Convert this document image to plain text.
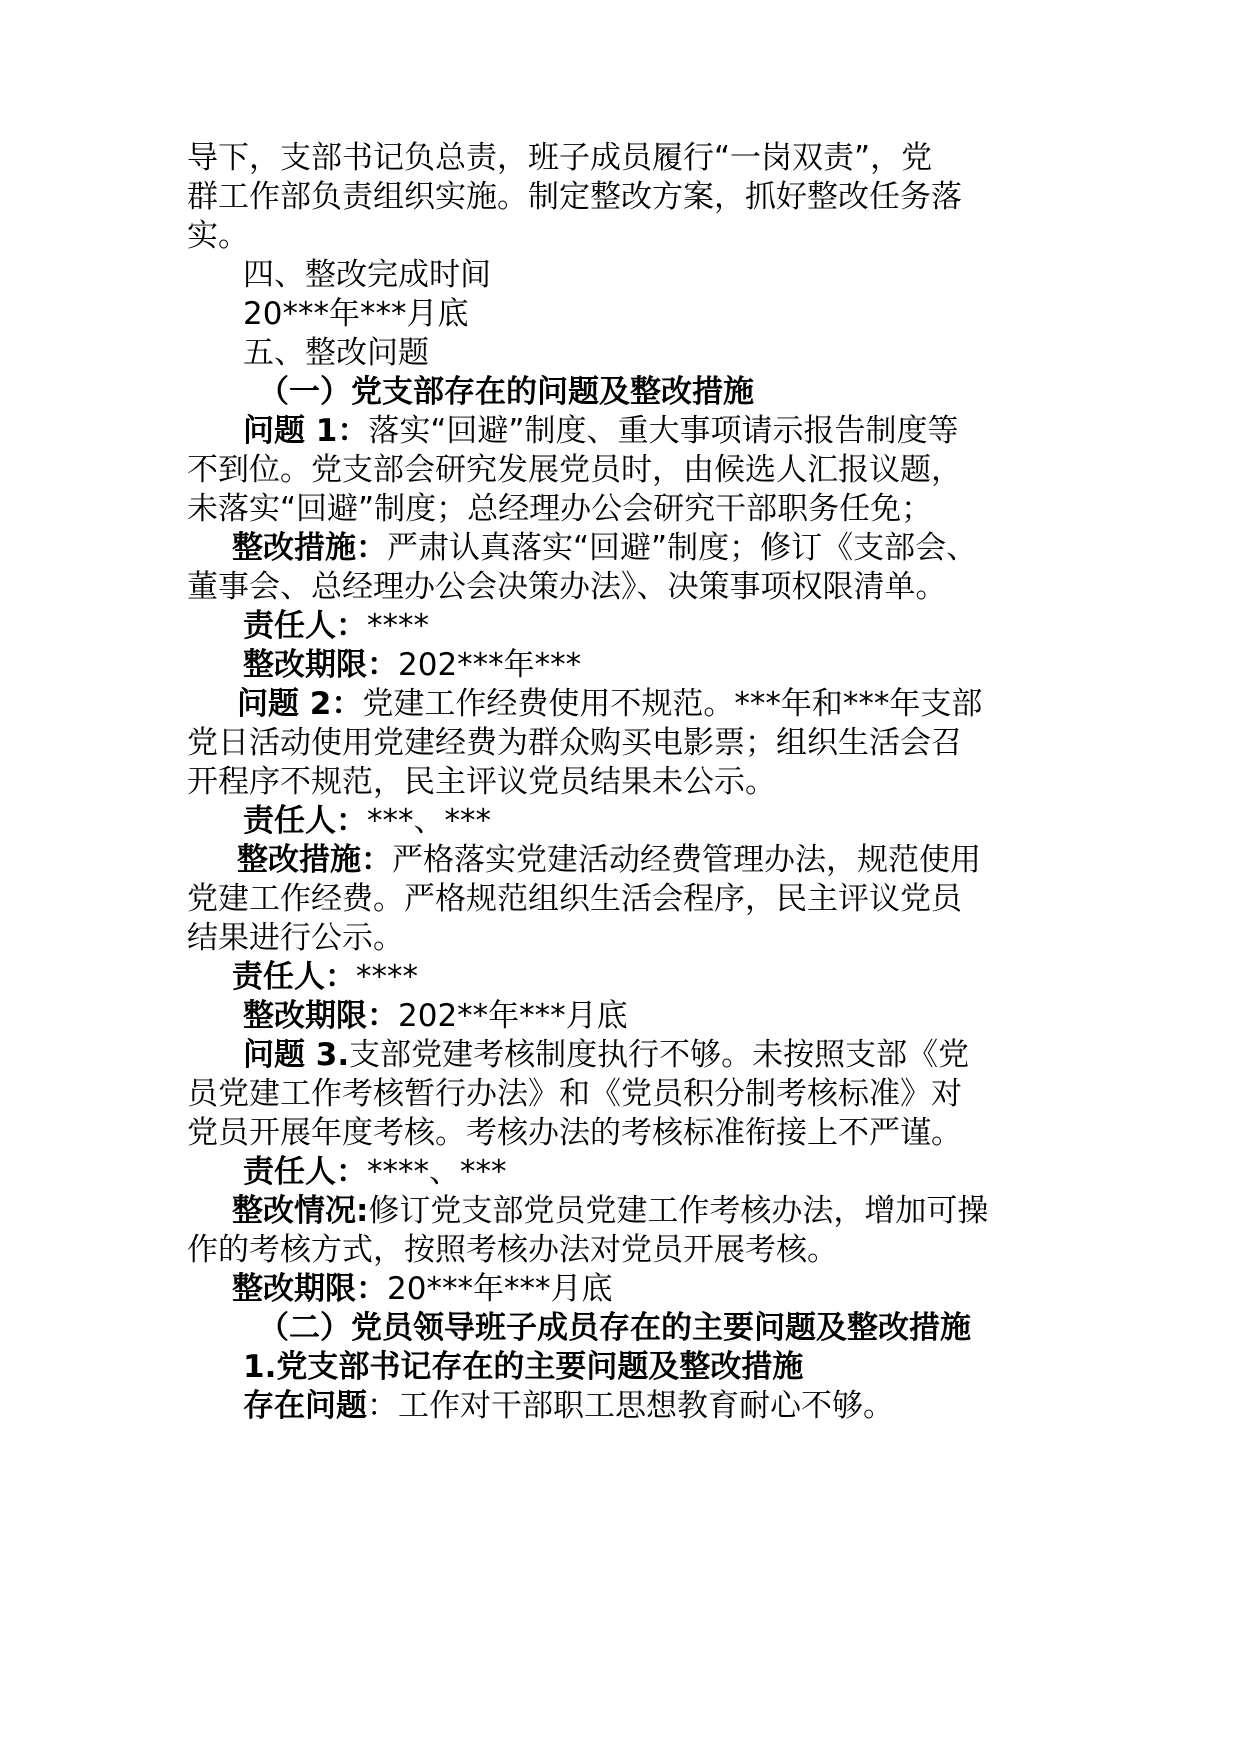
导下，支部书记负总责，班子成员履行“一岗双责”，党
群工作部负责组织实施。制定整改方案，抓好整改任务落
实。
四、整改完成时间
20***年***月底
五、整改问题
（一）党支部存在的问题及整改措施
问题 1：落实“回避”制度、重大事项请示报告制度等
不到位。党支部会研究发展党员时，由候选人汇报议题，
未落实“回避”制度；总经理办公会研究干部职务任免；
整改措施：严肃认真落实“回避”制度；修订《支部会、
董事会、总经理办公会决策办法》、决策事项权限清单。
责任人：****
整改期限：202***年***
问题 2：党建工作经费使用不规范。***年和***年支部
党日活动使用党建经费为群众购买电影票；组织生活会召
开程序不规范，民主评议党员结果未公示。
责任人：***、***
整改措施：严格落实党建活动经费管理办法，规范使用
党建工作经费。严格规范组织生活会程序，民主评议党员
结果进行公示。
责任人：****
整改期限：202**年***月底
问题 3.支部党建考核制度执行不够。未按照支部《党
员党建工作考核暂行办法》和《党员积分制考核标准》对
党员开展年度考核。考核办法的考核标准衔接上不严谨。
责任人：****、***
整改情况:修订党支部党员党建工作考核办法，增加可操
作的考核方式，按照考核办法对党员开展考核。
整改期限：20***年***月底
（二）党员领导班子成员存在的主要问题及整改措施
1.党支部书记存在的主要问题及整改措施
存在问题：工作对干部职工思想教育耐心不够。
